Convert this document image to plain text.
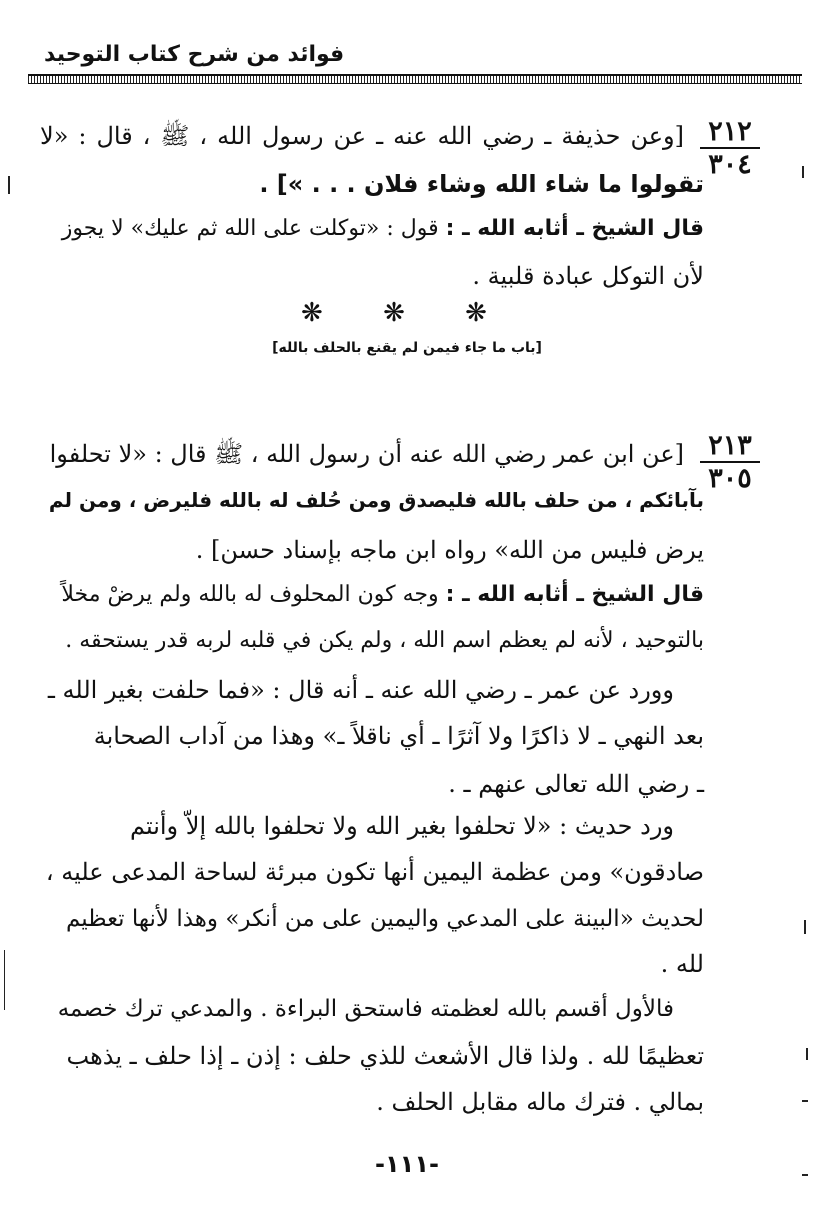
فوائد من شرح كتاب التوحيد
٢١٢
٣٠٤
[وعن حذيفة ـ رضي الله عنه ـ عن رسول الله ، ﷺ ، قال : «لا
تقولوا ما شاء الله وشاء فلان . . . »] .
قال الشيخ ـ أثابه الله ـ : قول : «توكلت على الله ثم عليك» لا يجوز
لأن التوكل عبادة قلبية .
❋ ❋ ❋
[باب ما جاء فيمن لم يقنع بالحلف بالله]
٢١٣
٣٠٥
[عن ابن عمر رضي الله عنه أن رسول الله ، ﷺ قال : «لا تحلفوا
بآبائكم ، من حلف بالله فليصدق ومن حُلف له بالله فليرض ، ومن لم
يرض فليس من الله» رواه ابن ماجه بإسناد حسن] .
قال الشيخ ـ أثابه الله ـ : وجه كون المحلوف له بالله ولم يرضْ مخلاً
بالتوحيد ، لأنه لم يعظم اسم الله ، ولم يكن في قلبه لربه قدر يستحقه .
وورد عن عمر ـ رضي الله عنه ـ أنه قال : «فما حلفت بغير الله ـ
بعد النهي ـ لا ذاكرًا ولا آثرًا ـ أي ناقلاً ـ» وهذا من آداب الصحابة
ـ رضي الله تعالى عنهم ـ .
ورد حديث : «لا تحلفوا بغير الله ولا تحلفوا بالله إلاّ وأنتم
صادقون» ومن عظمة اليمين أنها تكون مبرئة لساحة المدعى عليه ،
لحديث «البينة على المدعي واليمين على من أنكر» وهذا لأنها تعظيم
لله .
فالأول أقسم بالله لعظمته فاستحق البراءة . والمدعي ترك خصمه
تعظيمًا لله . ولذا قال الأشعث للذي حلف : إذن ـ إذا حلف ـ يذهب
بمالي . فترك ماله مقابل الحلف .
-١١١-
